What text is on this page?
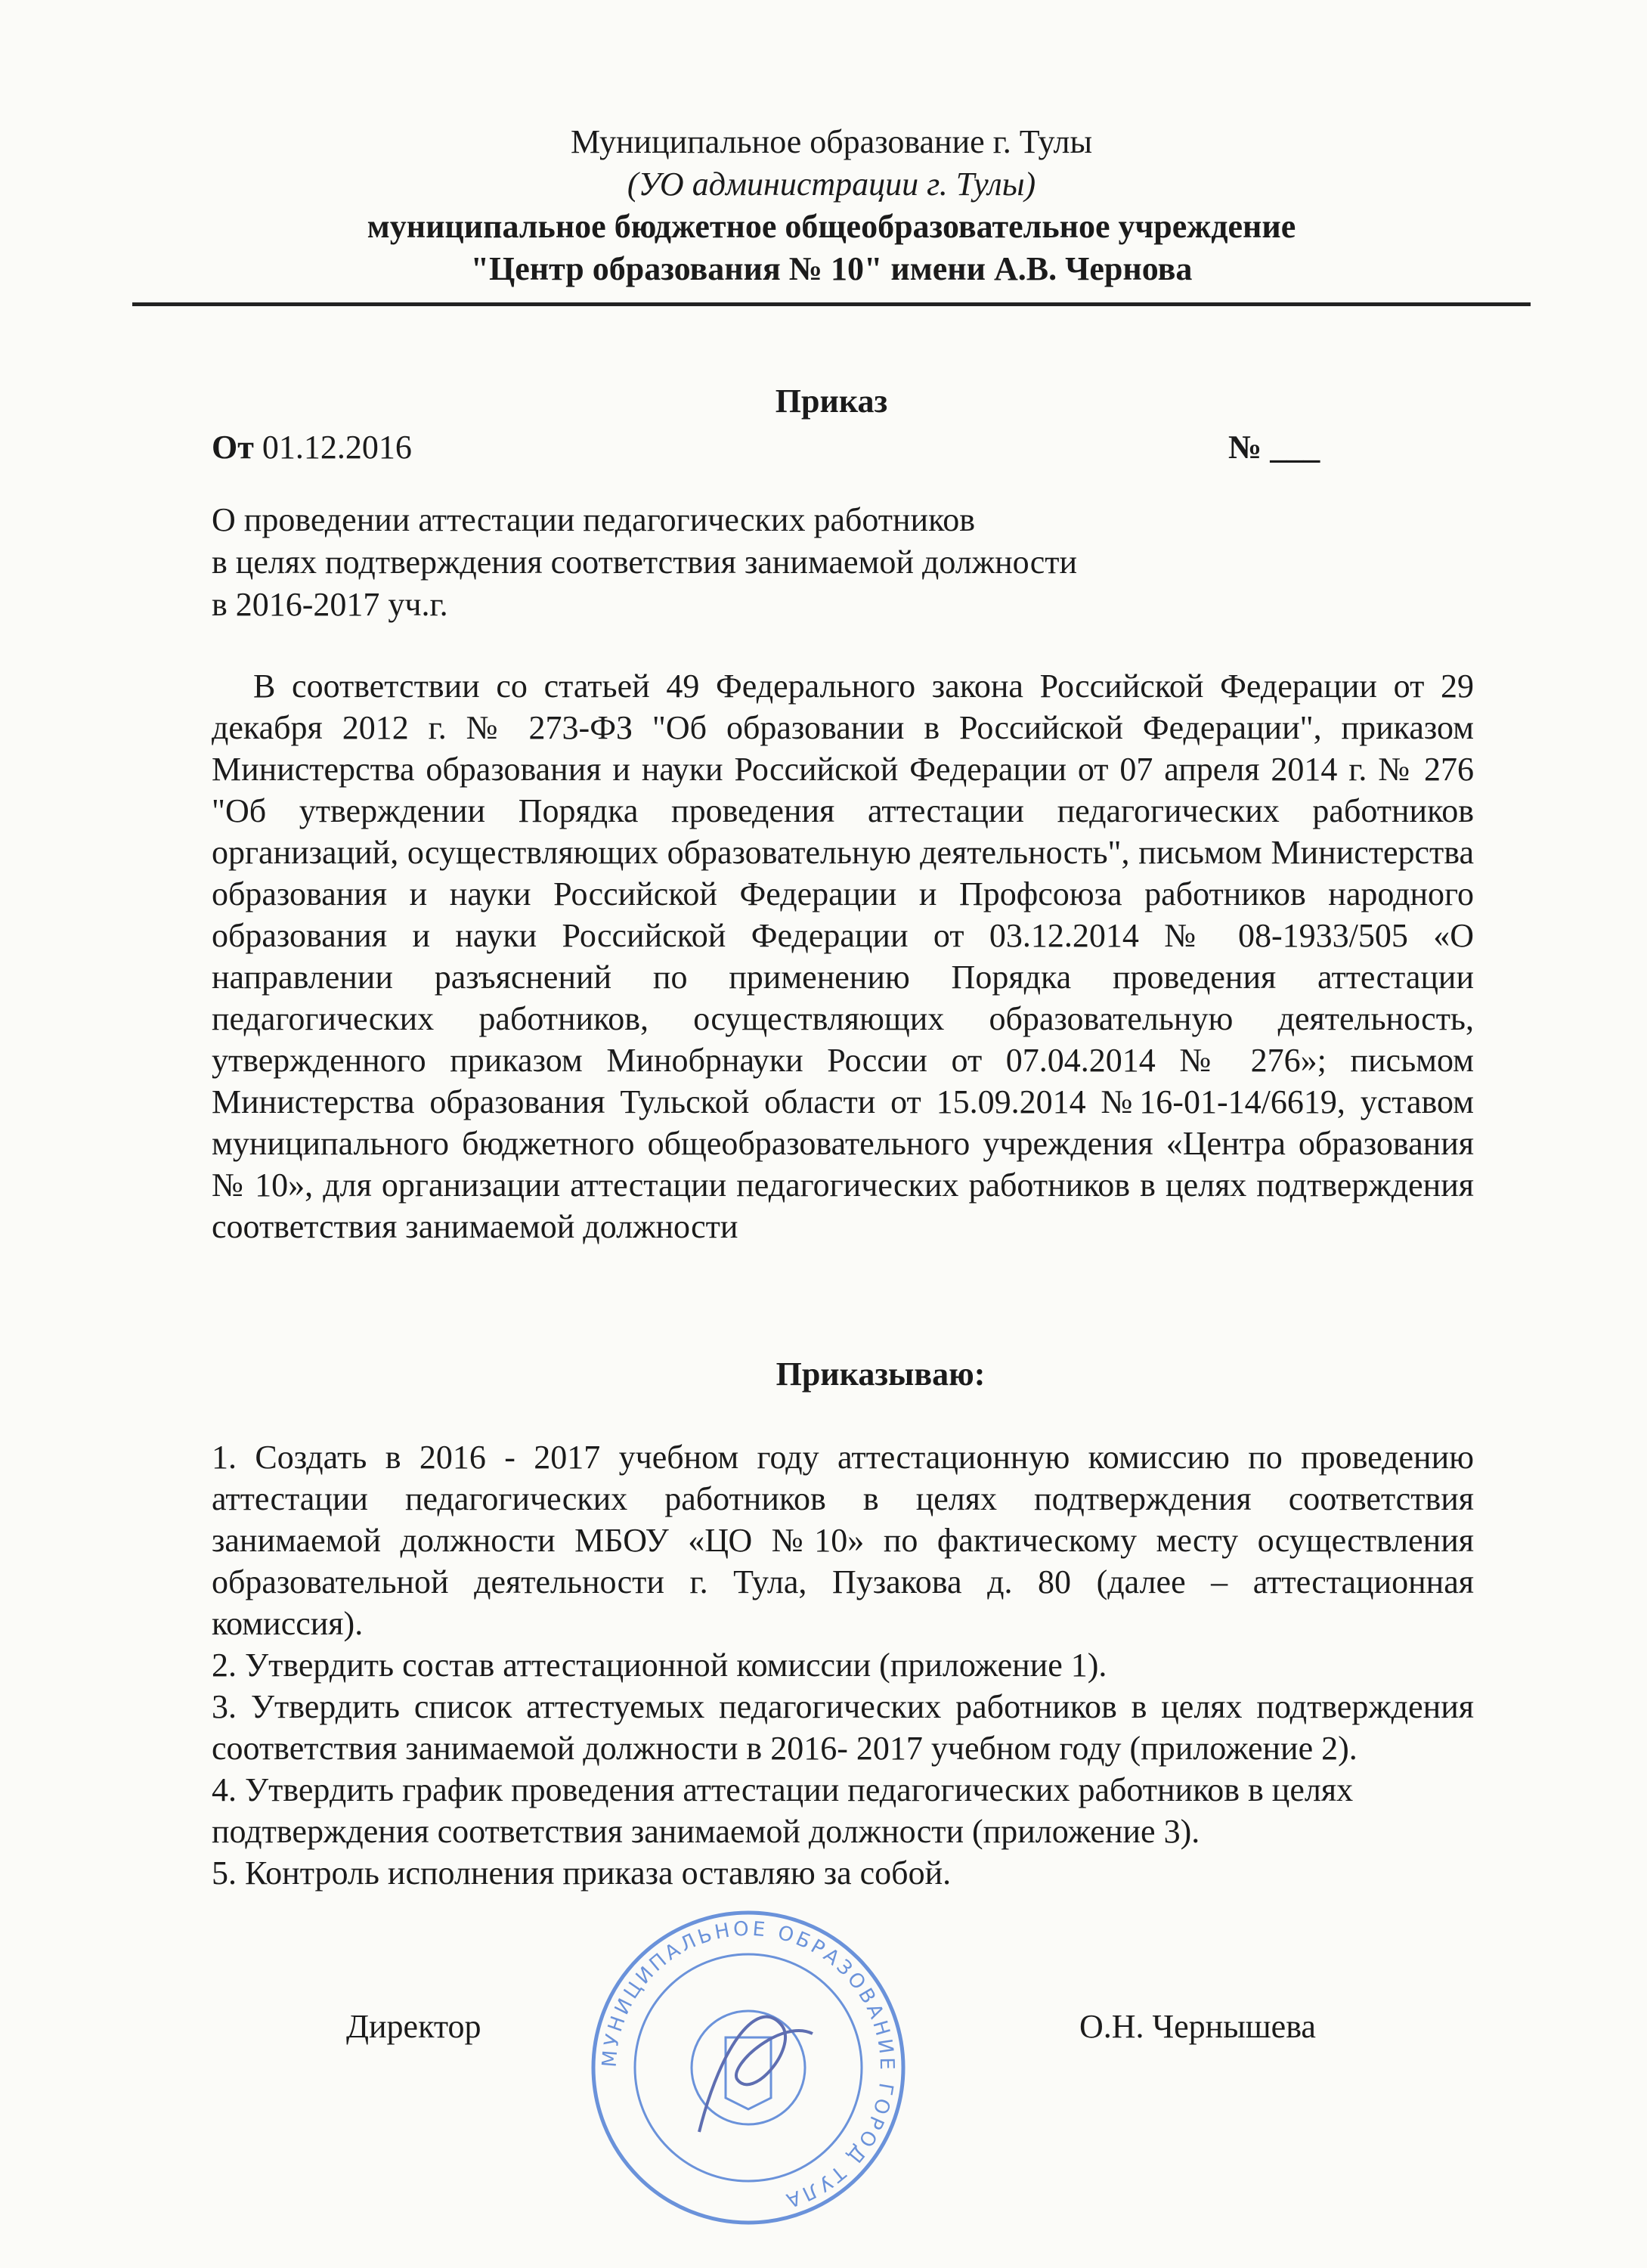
Муниципальное образование г. Тулы
(УО администрации г. Тулы)
муниципальное бюджетное общеобразовательное учреждение
"Центр образования № 10" имени А.В. Чернова
Приказ
От 01.12.2016	№ ___
О проведении аттестации педагогических работников
в целях подтверждения соответствия занимаемой должности
в 2016-2017 уч.г.
В соответствии со статьей 49 Федерального закона Российской Федерации от 29 декабря 2012 г. № 273-ФЗ "Об образовании в Российской Федерации", приказом Министерства образования и науки Российской Федерации от 07 апреля 2014 г. № 276 "Об утверждении Порядка проведения аттестации педагогических работников организаций, осуществляющих образовательную деятельность", письмом Министерства образования и науки Российской Федерации и Профсоюза работников народного образования и науки Российской Федерации от 03.12.2014 № 08-1933/505 «О направлении разъяснений по применению Порядка проведения аттестации педагогических работников, осуществляющих образовательную деятельность, утвержденного приказом Минобрнауки России от 07.04.2014 № 276»; письмом Министерства образования Тульской области от 15.09.2014 №16-01-14/6619, уставом муниципального бюджетного общеобразовательного учреждения «Центра образования № 10», для организации аттестации педагогических работников в целях подтверждения соответствия занимаемой должности
Приказываю:

1. Создать в 2016 - 2017 учебном году аттестационную комиссию по проведению аттестации педагогических работников в целях подтверждения соответствия занимаемой должности МБОУ «ЦО №10» по фактическому месту осуществления образовательной деятельности г. Тула, Пузакова д. 80 (далее – аттестационная комиссия).

2. Утвердить состав аттестационной комиссии (приложение 1).

3. Утвердить список аттестуемых педагогических работников в целях подтверждения соответствия занимаемой должности в 2016- 2017 учебном году (приложение 2).

4. Утвердить график проведения аттестации педагогических работников в целях подтверждения соответствия занимаемой должности (приложение 3).

5. Контроль исполнения приказа оставляю за собой.

МУНИЦИПАЛЬНОЕ ОБРАЗОВАНИЕ ГОРОД ТУЛА
Директор	О.Н. Чернышева
